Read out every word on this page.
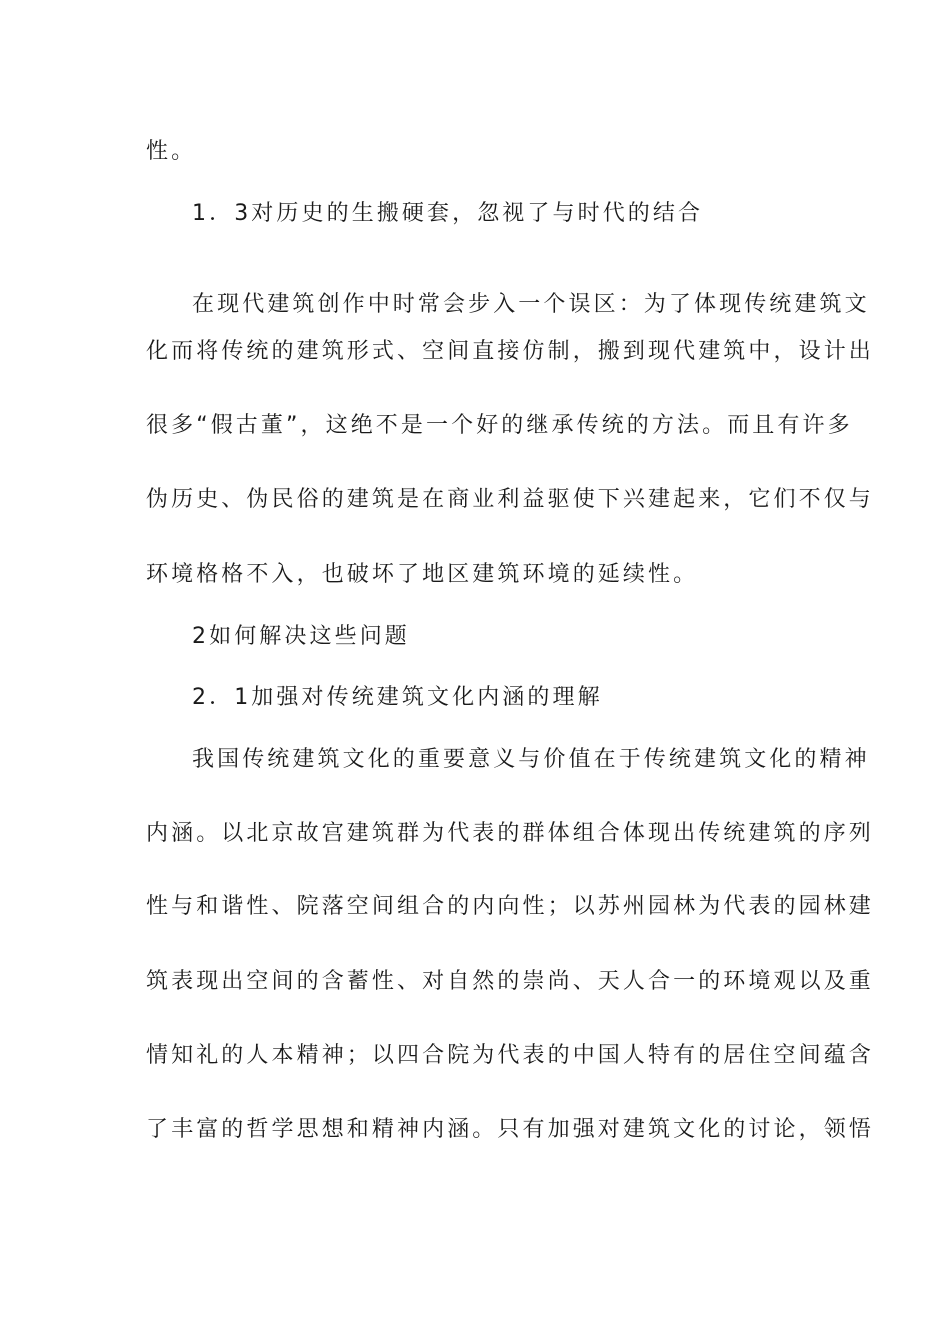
性。
1．3对历史的生搬硬套，忽视了与时代的结合
在现代建筑创作中时常会步入一个误区：为了体现传统建筑文
化而将传统的建筑形式、空间直接仿制，搬到现代建筑中，设计出
很多“假古董”，这绝不是一个好的继承传统的方法。而且有许多
伪历史、伪民俗的建筑是在商业利益驱使下兴建起来，它们不仅与
环境格格不入，也破坏了地区建筑环境的延续性。
2如何解决这些问题
2．1加强对传统建筑文化内涵的理解
我国传统建筑文化的重要意义与价值在于传统建筑文化的精神
内涵。以北京故宫建筑群为代表的群体组合体现出传统建筑的序列
性与和谐性、院落空间组合的内向性；以苏州园林为代表的园林建
筑表现出空间的含蓄性、对自然的崇尚、天人合一的环境观以及重
情知礼的人本精神；以四合院为代表的中国人特有的居住空间蕴含
了丰富的哲学思想和精神内涵。只有加强对建筑文化的讨论，领悟
